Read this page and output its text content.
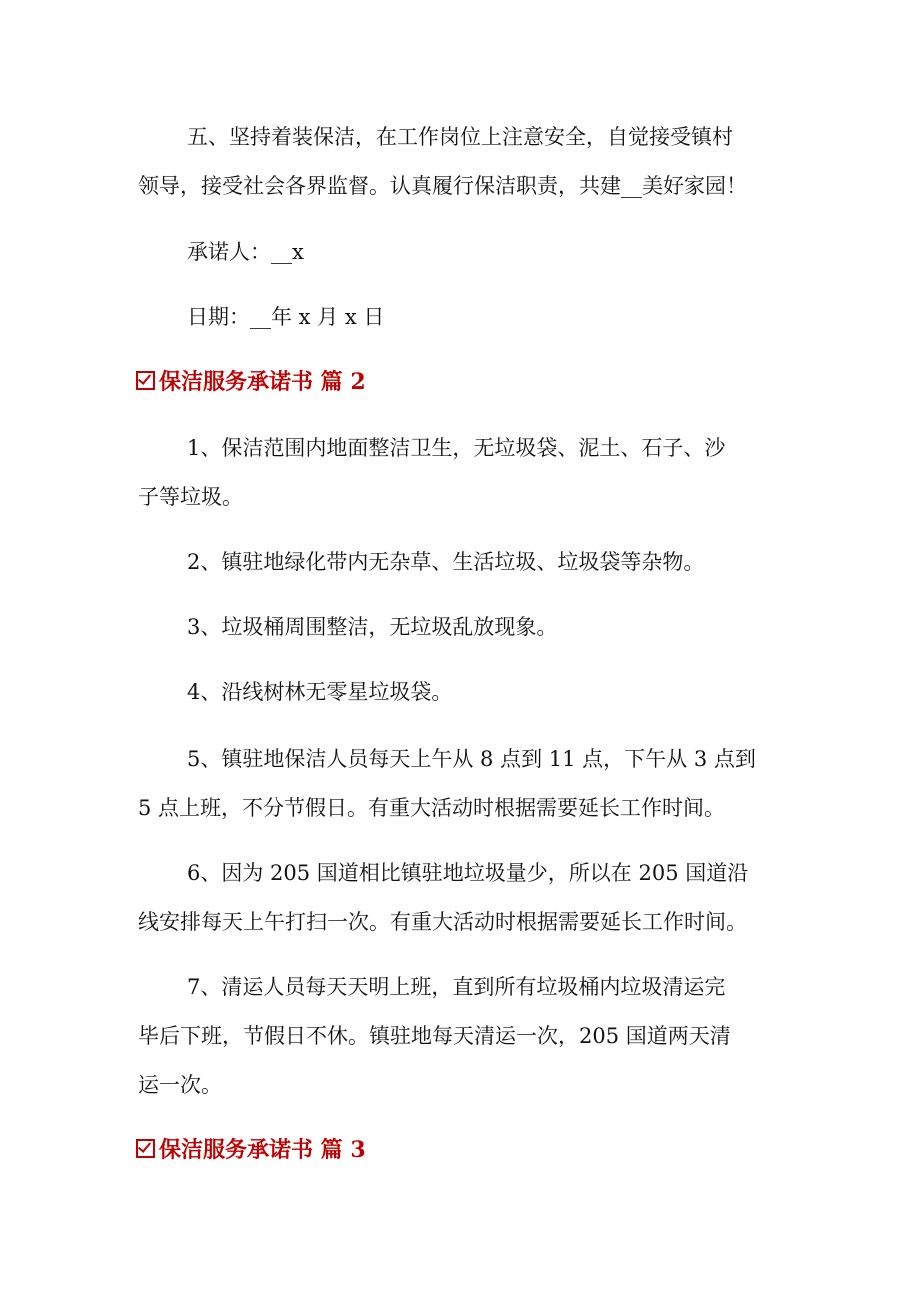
五、坚持着装保洁，在工作岗位上注意安全，自觉接受镇村
领导，接受社会各界监督。认真履行保洁职责，共建__美好家园！
承诺人：__x
日期：__年 x 月 x 日
保洁服务承诺书 篇 2
1、保洁范围内地面整洁卫生，无垃圾袋、泥土、石子、沙
子等垃圾。
2、镇驻地绿化带内无杂草、生活垃圾、垃圾袋等杂物。
3、垃圾桶周围整洁，无垃圾乱放现象。
4、沿线树林无零星垃圾袋。
5、镇驻地保洁人员每天上午从 8 点到 11 点，下午从 3 点到
5 点上班，不分节假日。有重大活动时根据需要延长工作时间。
6、因为 205 国道相比镇驻地垃圾量少，所以在 205 国道沿
线安排每天上午打扫一次。有重大活动时根据需要延长工作时间。
7、清运人员每天天明上班，直到所有垃圾桶内垃圾清运完
毕后下班，节假日不休。镇驻地每天清运一次，205 国道两天清
运一次。
保洁服务承诺书 篇 3
